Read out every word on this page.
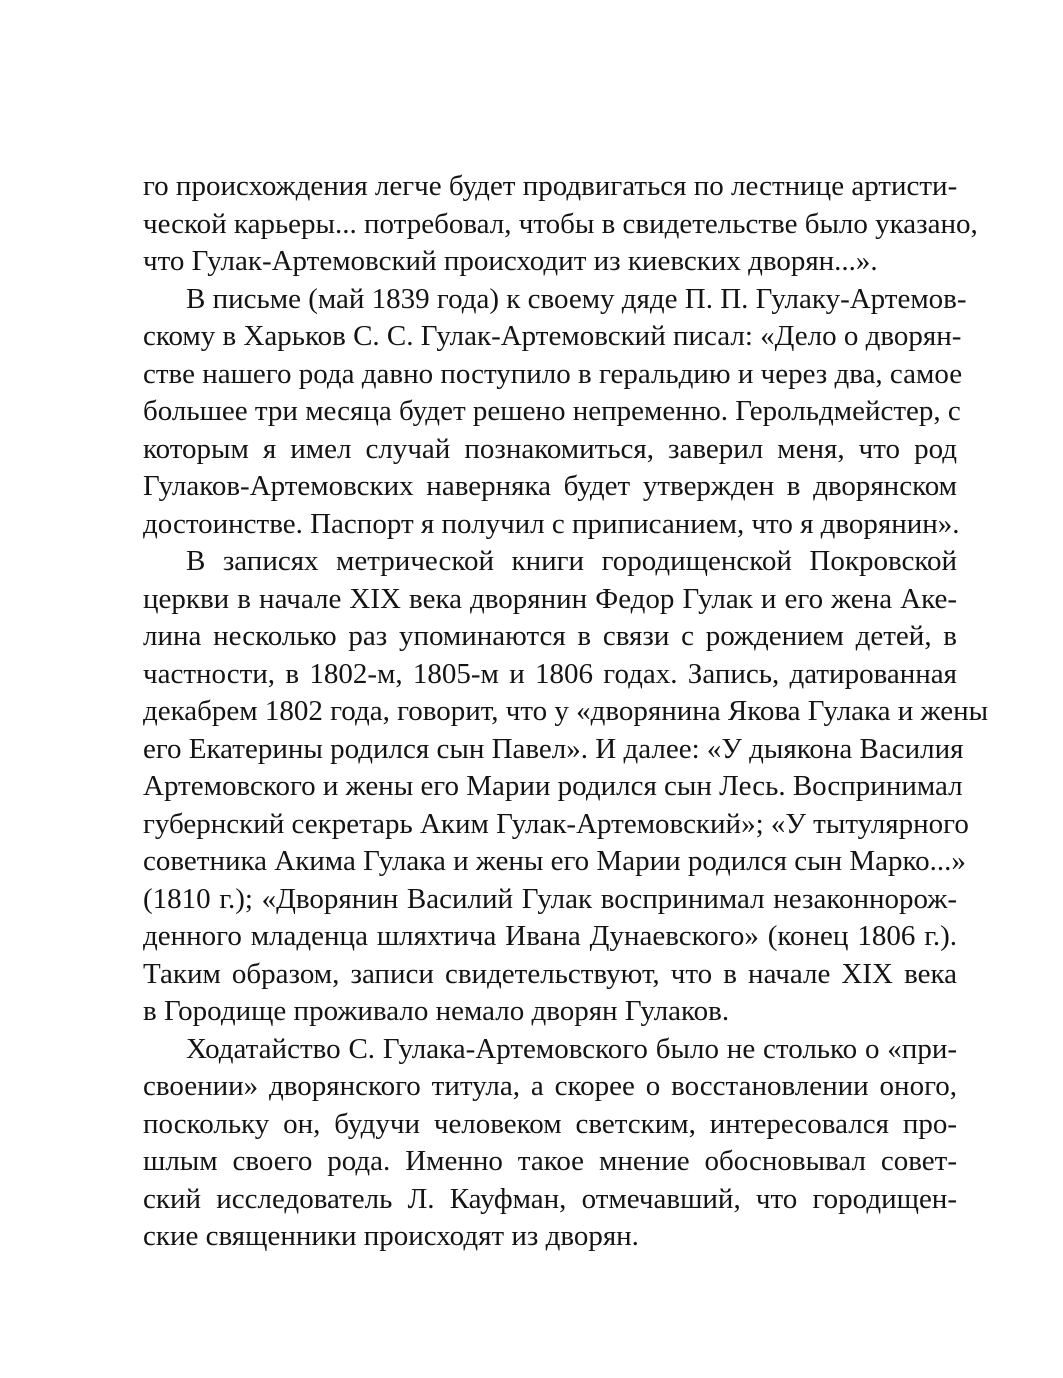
го происхождения легче будет продвигаться по лестнице артисти-
ческой карьеры... потребовал, чтобы в свидетельстве было указано,
что Гулак-Артемовский происходит из киевских дворян...».
В письме (май 1839 года) к своему дяде П. П. Гулаку-Артемов-
скому в Харьков С. С. Гулак-Артемовский писал: «Дело о дворян-
стве нашего рода давно поступило в геральдию и через два, самое
большее три месяца будет решено непременно. Герольдмейстер, с
которым я имел случай познакомиться, заверил меня, что род
Гулаков-Артемовских наверняка будет утвержден в дворянском
достоинстве. Паспорт я получил с приписанием, что я дворянин».
В записях метрической книги городищенской Покровской
церкви в начале XIX века дворянин Федор Гулак и его жена Аке-
лина несколько раз упоминаются в связи с рождением детей, в
частности, в 1802-м, 1805-м и 1806 годах. Запись, датированная
декабрем 1802 года, говорит, что у «дворянина Якова Гулака и жены
его Екатерины родился сын Павел». И далее: «У дыякона Василия
Артемовского и жены его Марии родился сын Лесь. Воспринимал
губернский секретарь Аким Гулак-Артемовский»; «У тытулярного
советника Акима Гулака и жены его Марии родился сын Марко...»
(1810 г.); «Дворянин Василий Гулак воспринимал незаконнорож-
денного младенца шляхтича Ивана Дунаевского» (конец 1806 г.).
Таким образом, записи свидетельствуют, что в начале XIX века
в Городище проживало немало дворян Гулаков.
Ходатайство С. Гулака-Артемовского было не столько о «при-
своении» дворянского титула, а скорее о восстановлении оного,
поскольку он, будучи человеком светским, интересовался про-
шлым своего рода. Именно такое мнение обосновывал совет-
ский исследователь Л. Кауфман, отмечавший, что городищен-
ские священники происходят из дворян.
